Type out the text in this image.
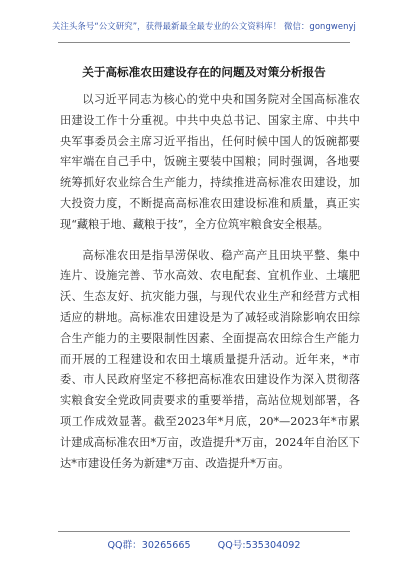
关注头条号“公文研究”，获得最新最全最专业的公文资料库！ 微信：gongwenyj
关于高标准农田建设存在的问题及对策分析报告

以习近平同志为核心的党中央和国务院对全国高标准农田建设工作十分重视。中共中央总书记、国家主席、中共中央军事委员会主席习近平指出，任何时候中国人的饭碗都要牢牢端在自己手中，饭碗主要装中国粮；同时强调，各地要统筹抓好农业综合生产能力，持续推进高标准农田建设，加大投资力度，不断提高高标准农田建设标准和质量，真正实现“藏粮于地、藏粮于技”，全方位筑牢粮食安全根基。

高标准农田是指旱涝保收、稳产高产且田块平整、集中连片、设施完善、节水高效、农电配套、宜机作业、土壤肥沃、生态友好、抗灾能力强，与现代农业生产和经营方式相适应的耕地。高标准农田建设是为了减轻或消除影响农田综合生产能力的主要限制性因素、全面提高农田综合生产能力而开展的工程建设和农田土壤质量提升活动。近年来，*市委、市人民政府坚定不移把高标准农田建设作为深入贯彻落实粮食安全党政同责要求的重要举措，高站位规划部署，各项工作成效显著。截至2023年*月底，20*—2023年*市累计建成高标准农田*万亩，改造提升*万亩，2024年自治区下达*市建设任务为新建*万亩、改造提升*万亩。

QQ群：30265665	QQ号:535304092
